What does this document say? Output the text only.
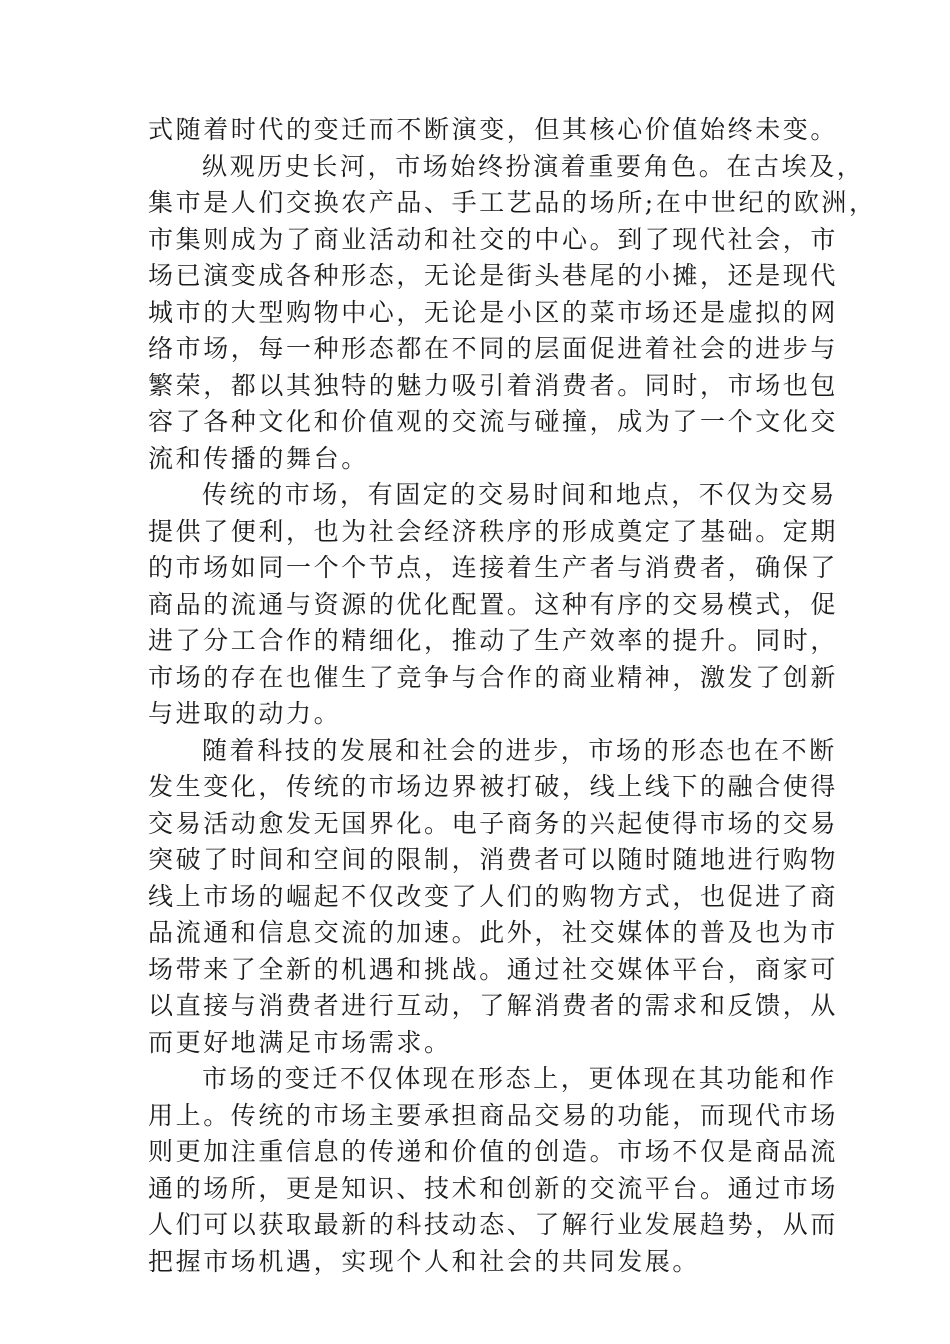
式随着时代的变迁而不断演变，但其核心价值始终未变。
纵观历史长河，市场始终扮演着重要角色。在古埃及，
集市是人们交换农产品、手工艺品的场所;在中世纪的欧洲，
市集则成为了商业活动和社交的中心。到了现代社会，市
场已演变成各种形态，无论是街头巷尾的小摊，还是现代
城市的大型购物中心，无论是小区的菜市场还是虚拟的网
络市场，每一种形态都在不同的层面促进着社会的进步与
繁荣，都以其独特的魅力吸引着消费者。同时，市场也包
容了各种文化和价值观的交流与碰撞，成为了一个文化交
流和传播的舞台。
传统的市场，有固定的交易时间和地点，不仅为交易
提供了便利，也为社会经济秩序的形成奠定了基础。定期
的市场如同一个个节点，连接着生产者与消费者，确保了
商品的流通与资源的优化配置。这种有序的交易模式，促
进了分工合作的精细化，推动了生产效率的提升。同时，
市场的存在也催生了竞争与合作的商业精神，激发了创新
与进取的动力。
随着科技的发展和社会的进步，市场的形态也在不断
发生变化，传统的市场边界被打破，线上线下的融合使得
交易活动愈发无国界化。电子商务的兴起使得市场的交易
突破了时间和空间的限制，消费者可以随时随地进行购物
线上市场的崛起不仅改变了人们的购物方式，也促进了商
品流通和信息交流的加速。此外，社交媒体的普及也为市
场带来了全新的机遇和挑战。通过社交媒体平台，商家可
以直接与消费者进行互动，了解消费者的需求和反馈，从
而更好地满足市场需求。
市场的变迁不仅体现在形态上，更体现在其功能和作
用上。传统的市场主要承担商品交易的功能，而现代市场
则更加注重信息的传递和价值的创造。市场不仅是商品流
通的场所，更是知识、技术和创新的交流平台。通过市场
人们可以获取最新的科技动态、了解行业发展趋势，从而
把握市场机遇，实现个人和社会的共同发展。
